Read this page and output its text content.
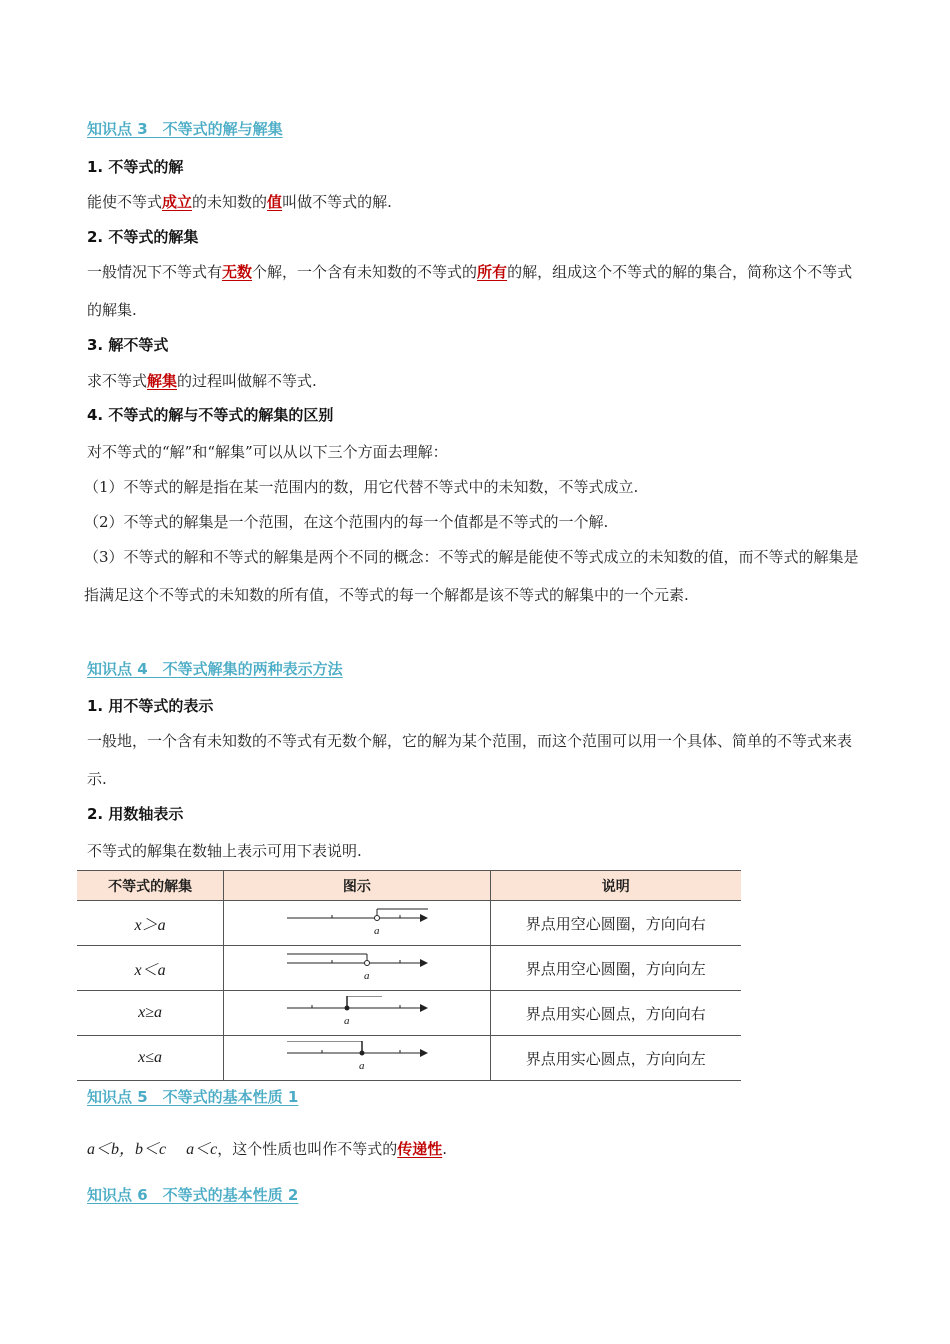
知识点 3　不等式的解与解集
1. 不等式的解
能使不等式成立的未知数的值叫做不等式的解.
2. 不等式的解集
一般情况下不等式有无数个解，一个含有未知数的不等式的所有的解，组成这个不等式的解的集合，简称这个不等式的解集.
3. 解不等式
求不等式解集的过程叫做解不等式.
4. 不等式的解与不等式的解集的区别
对不等式的“解”和“解集”可以从以下三个方面去理解：
（1）不等式的解是指在某一范围内的数，用它代替不等式中的未知数，不等式成立.
（2）不等式的解集是一个范围，在这个范围内的每一个值都是不等式的一个解.
（3）不等式的解和不等式的解集是两个不同的概念：不等式的解是能使不等式成立的未知数的值，而不等式的解集是指满足这个不等式的未知数的所有值，不等式的每一个解都是该不等式的解集中的一个元素.
知识点 4　不等式解集的两种表示方法
1. 用不等式的表示
一般地，一个含有未知数的不等式有无数个解，它的解为某个范围，而这个范围可以用一个具体、简单的不等式来表示.
2. 用数轴表示
不等式的解集在数轴上表示可用下表说明.
不等式的解集	图示	说明
x＞a	a	界点用空心圆圈，方向向右
x＜a	a	界点用空心圆圈，方向向左
x≥a	a	界点用实心圆点，方向向右
x≤a	a	界点用实心圆点，方向向左
知识点 5　不等式的基本性质 1
a＜b，b＜c　 a＜c，这个性质也叫作不等式的传递性.
知识点 6　不等式的基本性质 2
